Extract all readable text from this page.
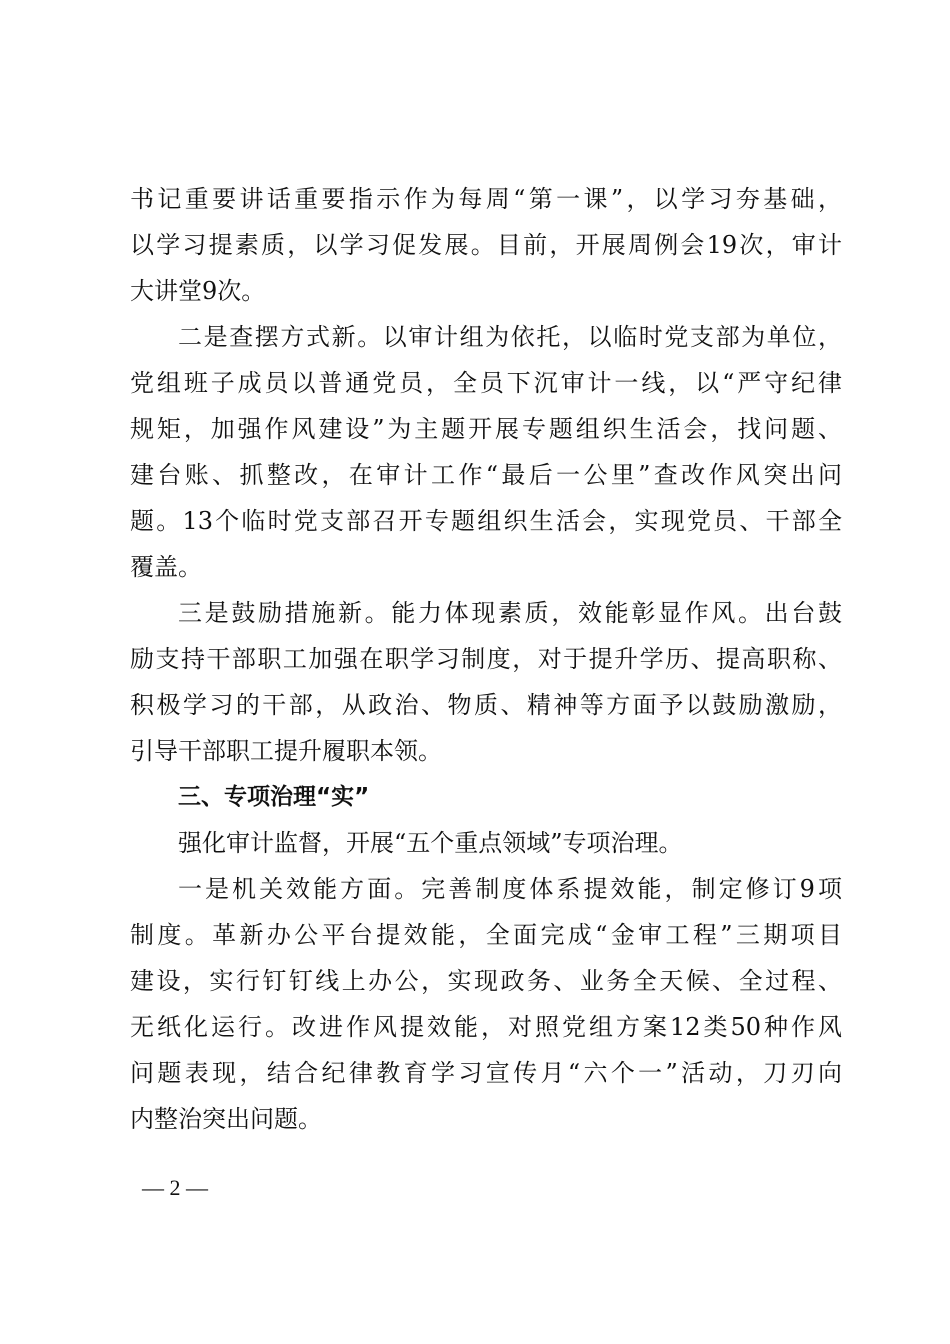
书记重要讲话重要指示作为每周“第一课”，以学习夯基础，
以学习提素质，以学习促发展。目前，开展周例会19次，审计
大讲堂9次。
二是查摆方式新。以审计组为依托，以临时党支部为单位，
党组班子成员以普通党员，全员下沉审计一线，以“严守纪律
规矩，加强作风建设”为主题开展专题组织生活会，找问题、
建台账、抓整改，在审计工作“最后一公里”查改作风突出问
题。13个临时党支部召开专题组织生活会，实现党员、干部全
覆盖。
三是鼓励措施新。能力体现素质，效能彰显作风。出台鼓
励支持干部职工加强在职学习制度，对于提升学历、提高职称、
积极学习的干部，从政治、物质、精神等方面予以鼓励激励，
引导干部职工提升履职本领。
三、专项治理“实”
强化审计监督，开展“五个重点领域”专项治理。
一是机关效能方面。完善制度体系提效能，制定修订9项
制度。革新办公平台提效能，全面完成“金审工程”三期项目
建设，实行钉钉线上办公，实现政务、业务全天候、全过程、
无纸化运行。改进作风提效能，对照党组方案12类50种作风
问题表现，结合纪律教育学习宣传月“六个一”活动，刀刃向
内整治突出问题。
— 2 —
